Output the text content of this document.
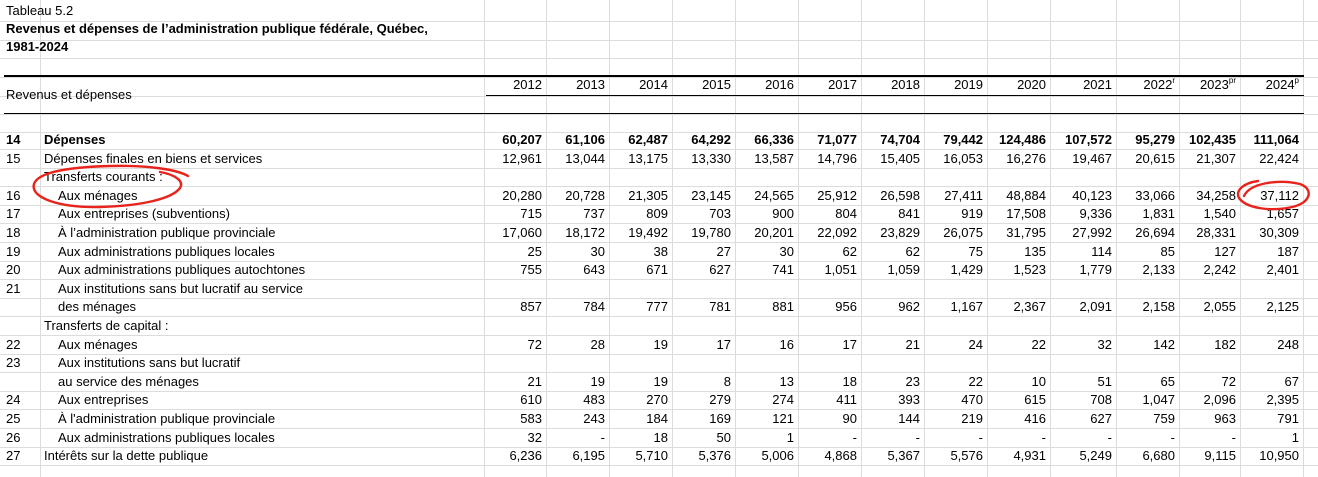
Tableau 5.2
Revenus et dépenses de l’administration publique fédérale, Québec,
1981-2024
Revenus et dépenses
2012	2013	2014	2015	2016	2017	2018	2019	2020	2021	2022$^r$	2023$^{pr}$	2024$^p$
14 Dépenses	60,207	61,106	62,487	64,292	66,336	71,077	74,704	79,442	124,486	107,572	95,279	102,435	111,064
15 Dépenses finales en biens et services	12,961	13,044	13,175	13,330	13,587	14,796	15,405	16,053	16,276	19,467	20,615	21,307	22,424
Transferts courants :
16	Aux ménages	20,280	20,728	21,305	23,145	24,565	25,912	26,598	27,411	48,884	40,123	33,066	34,258	37,112
17	Aux entreprises (subventions)	715	737	809	703	900	804	841	919	17,508	9,336	1,831	1,540	1,657
18	À l’administration publique provinciale	17,060	18,172	19,492	19,780	20,201	22,092	23,829	26,075	31,795	27,992	26,694	28,331	30,309
19	Aux administrations publiques locales	25	30	38	27	30	62	62	75	135	114	85	127	187
20	Aux administrations publiques autochtones	755	643	671	627	741	1,051	1,059	1,429	1,523	1,779	2,133	2,242	2,401
21	Aux institutions sans but lucratif au service
des ménages	857	784	777	781	881	956	962	1,167	2,367	2,091	2,158	2,055	2,125
Transferts de capital :
22	Aux ménages	72	28	19	17	16	17	21	24	22	32	142	182	248
23	Aux institutions sans but lucratif
au service des ménages	21	19	19	8	13	18	23	22	10	51	65	72	67
24	Aux entreprises	610	483	270	279	274	411	393	470	615	708	1,047	2,096	2,395
25	À l'administration publique provinciale	583	243	184	169	121	90	144	219	416	627	759	963	791
26	Aux administrations publiques locales	32	-	18	50	1	-	-	-	-	-	-	-	1
27 Intérêts sur la dette publique	6,236	6,195	5,710	5,376	5,006	4,868	5,367	5,576	4,931	5,249	6,680	9,115	10,950
